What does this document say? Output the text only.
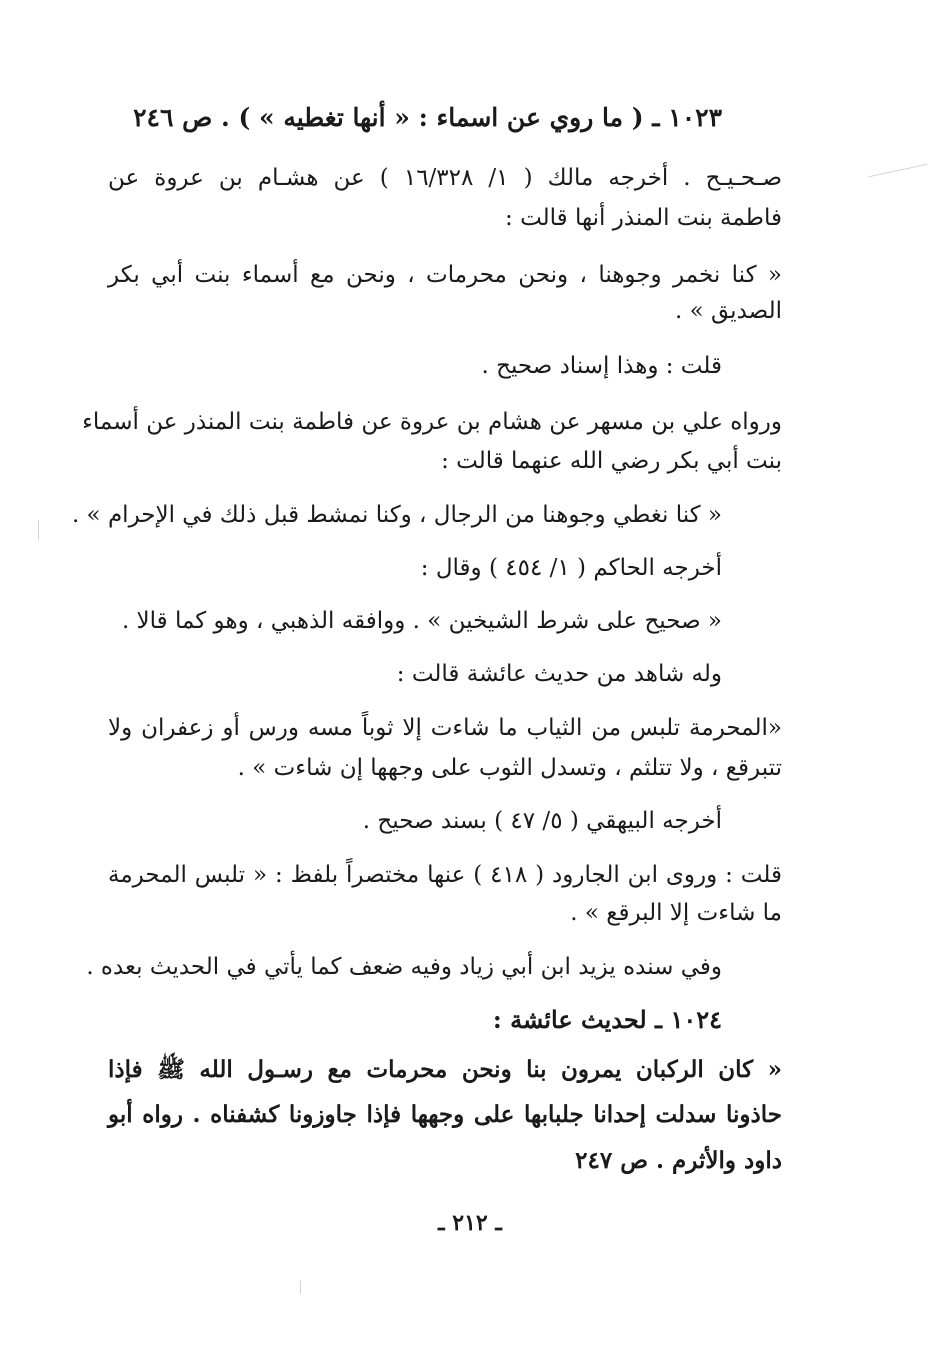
١٠٢٣ ـ ( ما روي عن اسماء : « أنها تغطيه » ) . ص ٢٤٦
صـحـيـح . أخرجه مالك ( ١/ ١٦/٣٢٨ ) عن هشـام بن عروة عن
فاطمة بنت المنذر أنها قالت :
« كنا نخمر وجوهنا ، ونحن محرمات ، ونحن مع أسماء بنت أبي بكر
الصديق » .
قلت : وهذا إسناد صحيح .
ورواه علي بن مسهر عن هشام بن عروة عن فاطمة بنت المنذر عن أسماء
بنت أبي بكر رضي الله عنهما قالت :
« كنا نغطي وجوهنا من الرجال ، وكنا نمشط قبل ذلك في الإحرام » .
أخرجه الحاكم ( ١/ ٤٥٤ ) وقال :
« صحيح على شرط الشيخين » . ووافقه الذهبي ، وهو كما قالا .
وله شاهد من حديث عائشة قالت :
«المحرمة تلبس من الثياب ما شاءت إلا ثوباً مسه ورس أو زعفران ولا
تتبرقع ، ولا تتلثم ، وتسدل الثوب على وجهها إن شاءت » .
أخرجه البيهقي ( ٥/ ٤٧ ) بسند صحيح .
قلت : وروى ابن الجارود ( ٤١٨ ) عنها مختصراً بلفظ : « تلبس المحرمة
ما شاءت إلا البرقع » .
وفي سنده يزيد ابن أبي زياد وفيه ضعف كما يأتي في الحديث بعده .
١٠٢٤ ـ لحديث عائشة :
« كان الركبان يمرون بنا ونحن محرمات مع رسـول الله ﷺ فإذا
حاذونا سدلت إحدانا جلبابها على وجهها فإذا جاوزونا كشفناه . رواه أبو
داود والأثرم . ص ٢٤٧
ـ ٢١٢ ـ
